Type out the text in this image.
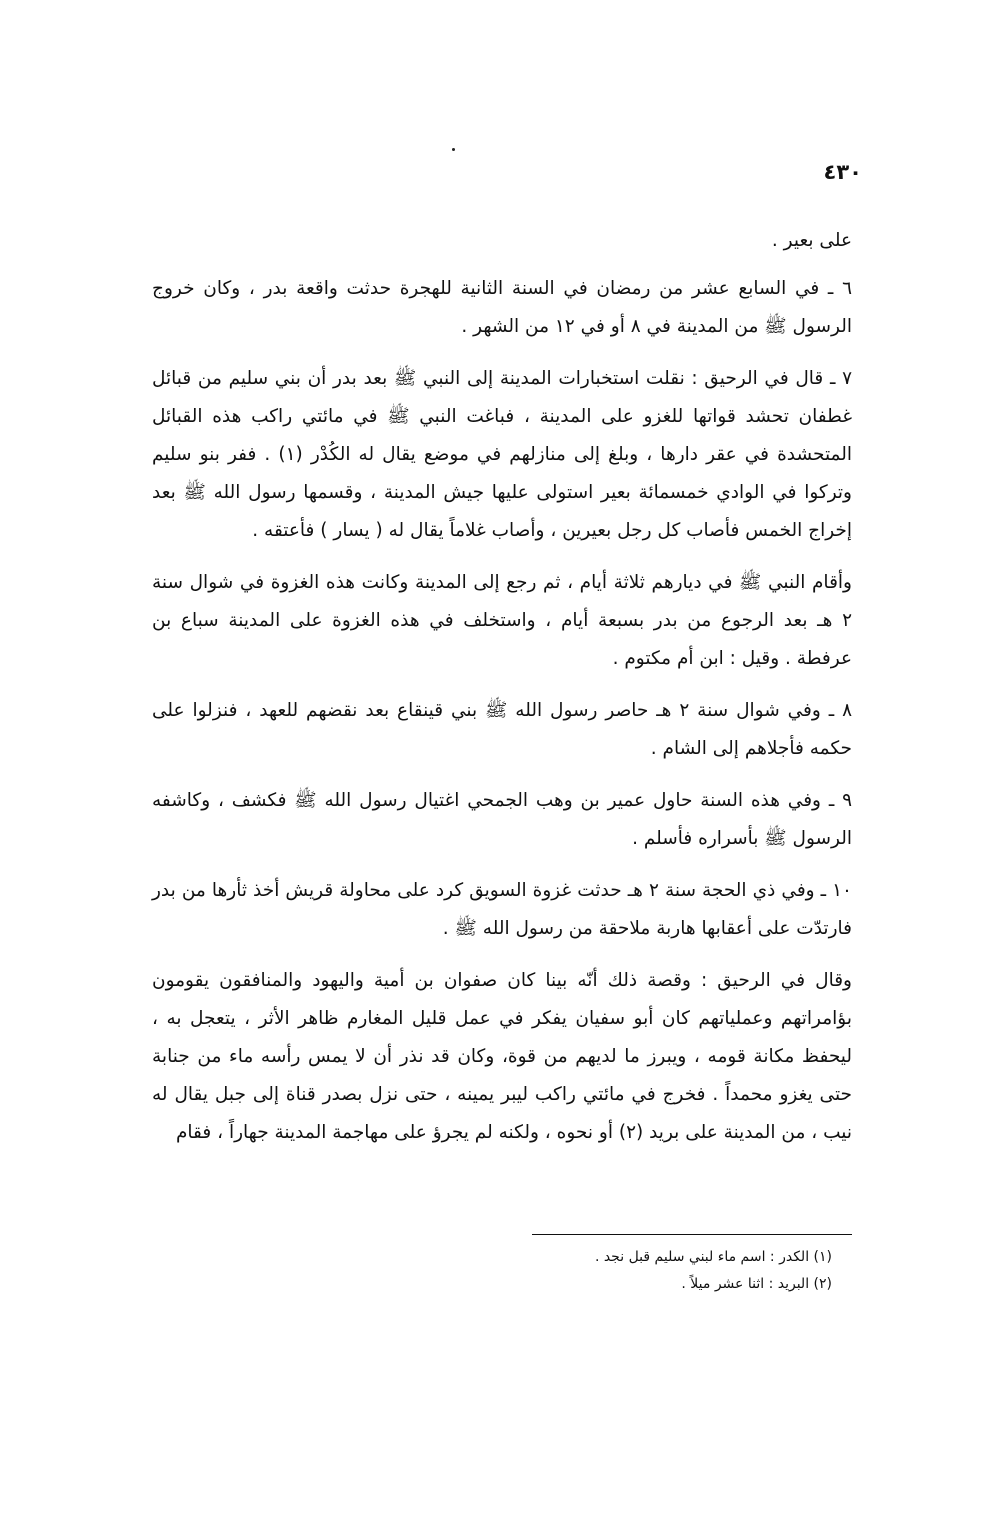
٤٣٠

على بعير .

٦ ـ في السابع عشر من رمضان في السنة الثانية للهجرة حدثت واقعة بدر ، وكان خروج الرسول ﷺ من المدينة في ٨ أو في ١٢ من الشهر .

٧ ـ قال في الرحيق : نقلت استخبارات المدينة إلى النبي ﷺ بعد بدر أن بني سليم من قبائل غطفان تحشد قواتها للغزو على المدينة ، فباغت النبي ﷺ في مائتي راكب هذه القبائل المتحشدة في عقر دارها ، وبلغ إلى منازلهم في موضع يقال له الكُدْر (١) . ففر بنو سليم وتركوا في الوادي خمسمائة بعير استولى عليها جيش المدينة ، وقسمها رسول الله ﷺ بعد إخراج الخمس فأصاب كل رجل بعيرين ، وأصاب غلاماً يقال له ( يسار ) فأعتقه .

وأقام النبي ﷺ في ديارهم ثلاثة أيام ، ثم رجع إلى المدينة وكانت هذه الغزوة في شوال سنة ٢ هـ بعد الرجوع من بدر بسبعة أيام ، واستخلف في هذه الغزوة على المدينة سباع بن عرفطة . وقيل : ابن أم مكتوم .

٨ ـ وفي شوال سنة ٢ هـ حاصر رسول الله ﷺ بني قينقاع بعد نقضهم للعهد ، فنزلوا على حكمه فأجلاهم إلى الشام .

٩ ـ وفي هذه السنة حاول عمير بن وهب الجمحي اغتيال رسول الله ﷺ فكشف ، وكاشفه الرسول ﷺ بأسراره فأسلم .

١٠ ـ وفي ذي الحجة سنة ٢ هـ حدثت غزوة السويق كرد على محاولة قريش أخذ ثأرها من بدر فارتدّت على أعقابها هاربة ملاحقة من رسول الله ﷺ .

وقال في الرحيق : وقصة ذلك أنّه بينا كان صفوان بن أمية واليهود والمنافقون يقومون بؤامراتهم وعملياتهم كان أبو سفيان يفكر في عمل قليل المغارم ظاهر الأثر ، يتعجل به ، ليحفظ مكانة قومه ، ويبرز ما لديهم من قوة، وكان قد نذر أن لا يمس رأسه ماء من جنابة حتى يغزو محمداً . فخرج في مائتي راكب ليبر يمينه ، حتى نزل بصدر قناة إلى جبل يقال له نيب ، من المدينة على بريد (٢) أو نحوه ، ولكنه لم يجرؤ على مهاجمة المدينة جهاراً ، فقام

(١) الكدر : اسم ماء لبني سليم قبل نجد .

(٢) البريد : اثنا عشر ميلاً .
